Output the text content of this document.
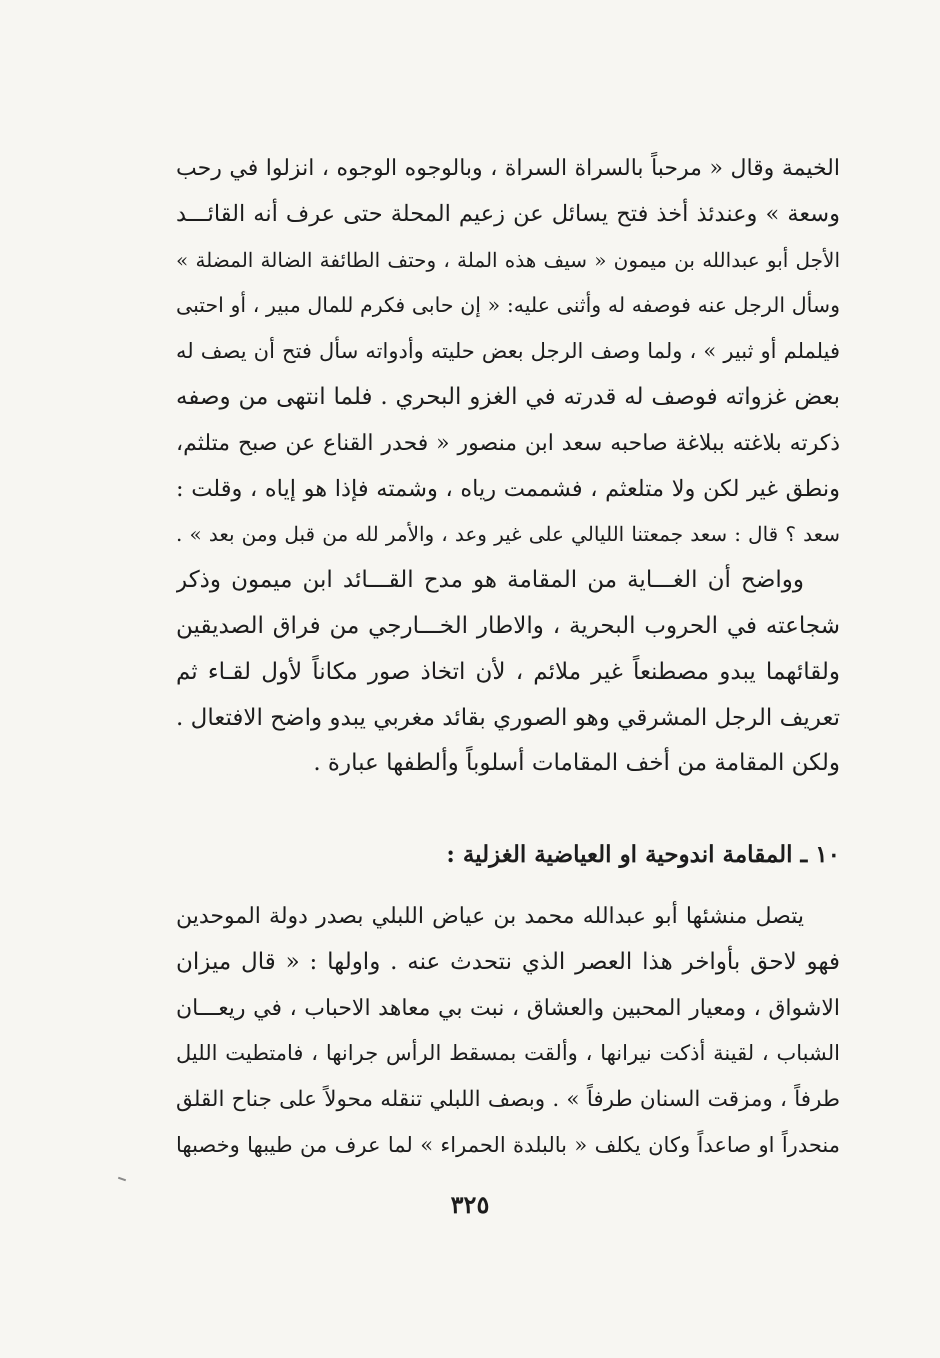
الخيمة وقال « مرحباً بالسراة السراة ، وبالوجوه الوجوه ، انزلوا في رحب
وسعة » وعندئذ أخذ فتح يسائل عن زعيم المحلة حتى عرف أنه القائـــد
الأجل أبو عبدالله بن ميمون « سيف هذه الملة ، وحتف الطائفة الضالة المضلة »
وسأل الرجل عنه فوصفه له وأثنى عليه: « إن حابى فكرم للمال مبير ، أو احتبى
فيلملم أو ثبير » ، ولما وصف الرجل بعض حليته وأدواته سأل فتح أن يصف له
بعض غزواته فوصف له قدرته في الغزو البحري . فلما انتهى من وصفه
ذكرته بلاغته ببلاغة صاحبه سعد ابن منصور « فحدر القناع عن صبح متلثم،
ونطق غير لكن ولا متلعثم ، فشممت رياه ، وشمته فإذا هو إياه ، وقلت :
سعد ؟ قال : سعد جمعتنا الليالي على غير وعد ، والأمر لله من قبل ومن بعد » .
وواضح أن الغـــاية من المقامة هو مدح القـــائد ابن ميمون وذكر
شجاعته في الحروب البحرية ، والاطار الخـــارجي من فراق الصديقين
ولقائهما يبدو مصطنعاً غير ملائم ، لأن اتخاذ صور مكاناً لأول لقـاء ثم
تعريف الرجل المشرقي وهو الصوري بقائد مغربي يبدو واضح الافتعال .
ولكن المقامة من أخف المقامات أسلوباً وألطفها عبارة .
١٠ ـ المقامة اندوحية او العياضية الغزلية :
يتصل منشئها أبو عبدالله محمد بن عياض اللبلي بصدر دولة الموحدين
فهو لاحق بأواخر هذا العصر الذي نتحدث عنه . واولها : « قال ميزان
الاشواق ، ومعيار المحبين والعشاق ، نبت بي معاهد الاحباب ، في ريعـــان
الشباب ، لقينة أذكت نيرانها ، وألقت بمسقط الرأس جرانها ، فامتطيت الليل
طرفاً ، ومزقت السنان طرفاً » . وبصف اللبلي تنقله محولاً على جناح القلق
منحدراً او صاعداً وكان يكلف « بالبلدة الحمراء » لما عرف من طيبها وخصبها
٣٢٥
